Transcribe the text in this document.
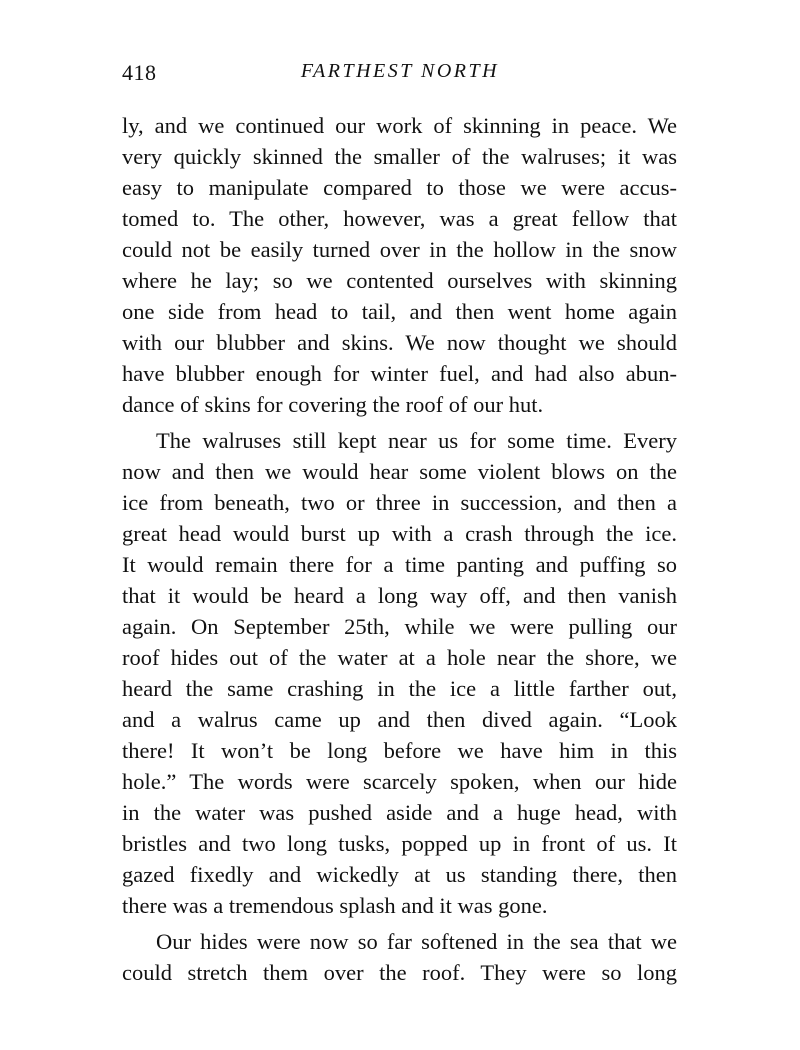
418	FARTHEST NORTH
ly, and we continued our work of skinning in peace. We
very quickly skinned the smaller of the walruses; it was
easy to manipulate compared to those we were accus-
tomed to. The other, however, was a great fellow that
could not be easily turned over in the hollow in the snow
where he lay; so we contented ourselves with skinning
one side from head to tail, and then went home again
with our blubber and skins. We now thought we should
have blubber enough for winter fuel, and had also abun-
dance of skins for covering the roof of our hut.
The walruses still kept near us for some time. Every
now and then we would hear some violent blows on the
ice from beneath, two or three in succession, and then a
great head would burst up with a crash through the ice.
It would remain there for a time panting and puffing so
that it would be heard a long way off, and then vanish
again. On September 25th, while we were pulling our
roof hides out of the water at a hole near the shore, we
heard the same crashing in the ice a little farther out,
and a walrus came up and then dived again. “Look
there! It won’t be long before we have him in this
hole.” The words were scarcely spoken, when our hide
in the water was pushed aside and a huge head, with
bristles and two long tusks, popped up in front of us. It
gazed fixedly and wickedly at us standing there, then
there was a tremendous splash and it was gone.
Our hides were now so far softened in the sea that we
could stretch them over the roof. They were so long
